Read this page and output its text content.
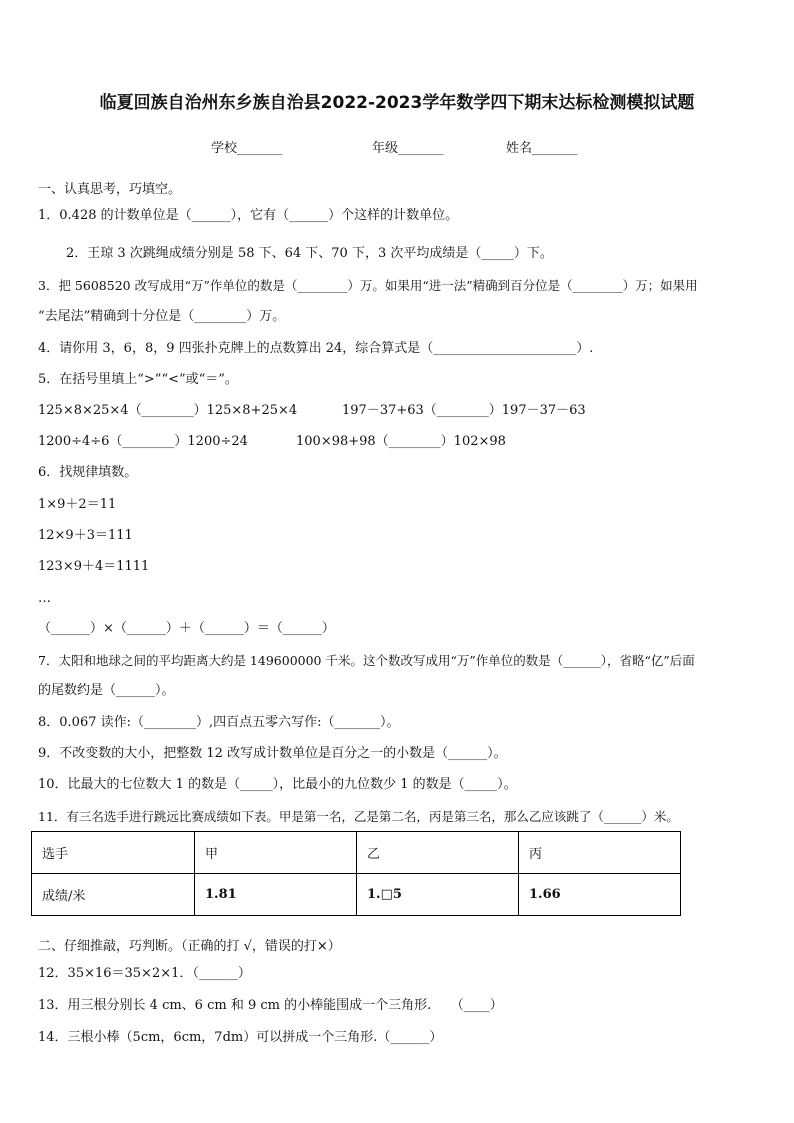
临夏回族自治州东乡族自治县2022-2023学年数学四下期末达标检测模拟试题
学校_______	年级_______	姓名_______
一、认真思考，巧填空。
1．0.428 的计数单位是（______），它有（______）个这样的计数单位。
2．王琼 3 次跳绳成绩分别是 58 下、64 下、70 下，3 次平均成绩是（_____）下。
3．把 5608520 改写成用“万”作单位的数是（________）万。如果用“进一法”精确到百分位是（________）万；如果用
“去尾法”精确到十分位是（________）万。
4．请你用 3，6，8，9 四张扑克牌上的点数算出 24，综合算式是（______________________）.
5．在括号里填上“>”“<”或“＝”。
125×8×25×4（________）125×8+25×4	197－37+63（________）197－37－63
1200÷4÷6（________）1200÷24	100×98+98（________）102×98
6．找规律填数。
1×9＋2＝11
12×9＋3＝111
123×9＋4＝1111
…
（______）×（______）＋（______）＝（______）
7．太阳和地球之间的平均距离大约是 149600000 千米。这个数改写成用“万”作单位的数是（______），省略“亿”后面
的尾数约是（______）。
8．0.067 读作:（________）,四百点五零六写作:（_______）。
9．不改变数的大小，把整数 12 改写成计数单位是百分之一的小数是（______）。
10．比最大的七位数大 1 的数是（_____），比最小的九位数少 1 的数是（_____）。
11．有三名选手进行跳远比赛成绩如下表。甲是第一名，乙是第二名，丙是第三名，那么乙应该跳了（______）米。
选手	甲	乙	丙
成绩/米	1.81	1.□5	1.66
二、仔细推敲，巧判断。（正确的打 √，错误的打×）
12．35×16＝35×2×1．（______）
13．用三根分别长 4 cm、6 cm 和 9 cm 的小棒能围成一个三角形.　　（____）
14．三根小棒（5cm，6cm，7dm）可以拼成一个三角形.（______）
